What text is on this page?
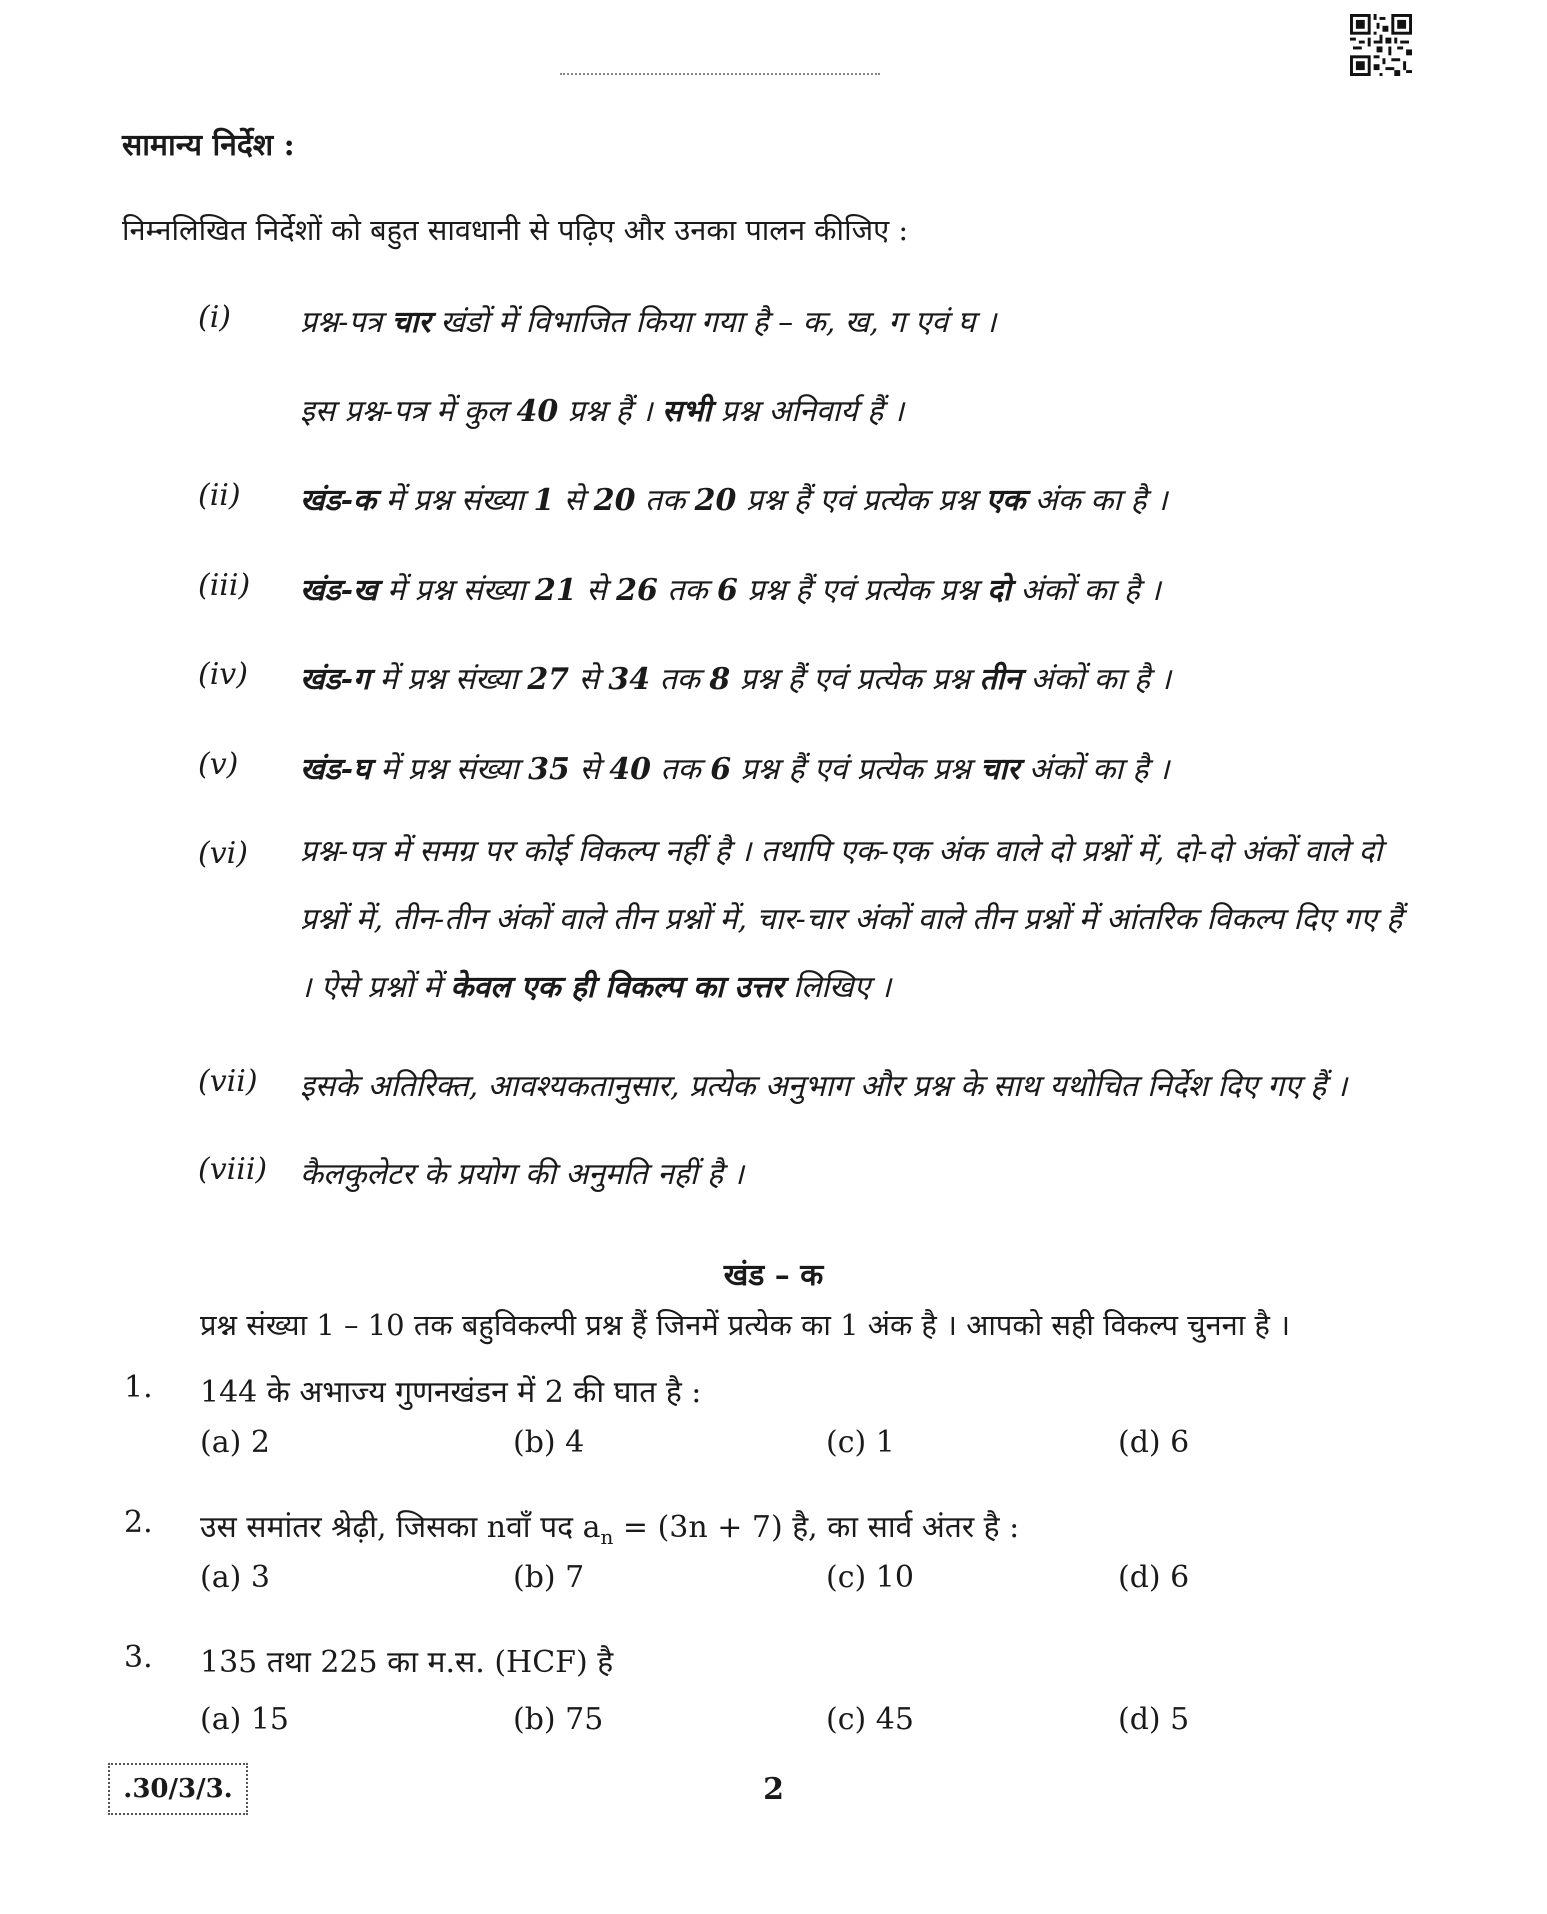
सामान्य निर्देश :
निम्नलिखित निर्देशों को बहुत सावधानी से पढ़िए और उनका पालन कीजिए :
(i) प्रश्न-पत्र चार खंडों में विभाजित किया गया है – क, ख, ग एवं घ ।
इस प्रश्न-पत्र में कुल 40 प्रश्न हैं । सभी प्रश्न अनिवार्य हैं ।
(ii) खंड-क में प्रश्न संख्या 1 से 20 तक 20 प्रश्न हैं एवं प्रत्येक प्रश्न एक अंक का है ।
(iii) खंड-ख में प्रश्न संख्या 21 से 26 तक 6 प्रश्न हैं एवं प्रत्येक प्रश्न दो अंकों का है ।
(iv) खंड-ग में प्रश्न संख्या 27 से 34 तक 8 प्रश्न हैं एवं प्रत्येक प्रश्न तीन अंकों का है ।
(v) खंड-घ में प्रश्न संख्या 35 से 40 तक 6 प्रश्न हैं एवं प्रत्येक प्रश्न चार अंकों का है ।
(vi) प्रश्न-पत्र में समग्र पर कोई विकल्प नहीं है । तथापि एक-एक अंक वाले दो प्रश्नों में, दो-दो अंकों वाले दो प्रश्नों में, तीन-तीन अंकों वाले तीन प्रश्नों में, चार-चार अंकों वाले तीन प्रश्नों में आंतरिक विकल्प दिए गए हैं । ऐसे प्रश्नों में केवल एक ही विकल्प का उत्तर लिखिए ।
(vii) इसके अतिरिक्त, आवश्यकतानुसार, प्रत्येक अनुभाग और प्रश्न के साथ यथोचित निर्देश दिए गए हैं ।
(viii) कैलकुलेटर के प्रयोग की अनुमति नहीं है ।
खंड – क
प्रश्न संख्या 1 – 10 तक बहुविकल्पी प्रश्न हैं जिनमें प्रत्येक का 1 अंक है । आपको सही विकल्प चुनना है ।
1. 144 के अभाज्य गुणनखंडन में 2 की घात है :
(a) 2	(b) 4	(c) 1	(d) 6
2. उस समांतर श्रेढ़ी, जिसका nवाँ पद $a_n = (3n + 7)$ है, का सार्व अंतर है :
(a) 3	(b) 7	(c) 10	(d) 6
3. 135 तथा 225 का म.स. (HCF) है
(a) 15	(b) 75	(c) 45	(d) 5
.30/3/3.	2
